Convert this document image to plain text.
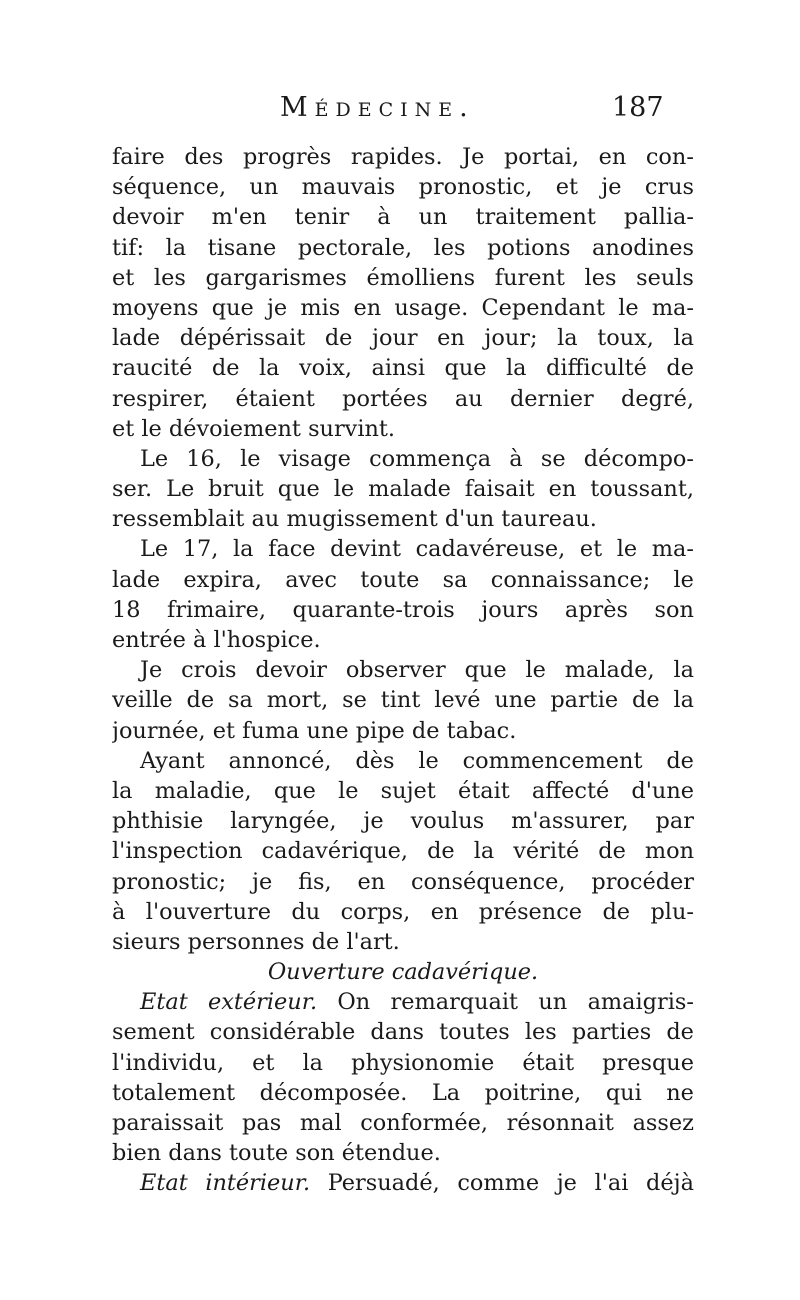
Médecine.	187
faire des progrès rapides. Je portai, en con-
séquence, un mauvais pronostic, et je crus
devoir m'en tenir à un traitement pallia-
tif: la tisane pectorale, les potions anodines
et les gargarismes émolliens furent les seuls
moyens que je mis en usage. Cependant le ma-
lade dépérissait de jour en jour; la toux, la
raucité de la voix, ainsi que la difficulté de
respirer, étaient portées au dernier degré,
et le dévoiement survint.
Le 16, le visage commença à se décompo-
ser. Le bruit que le malade faisait en toussant,
ressemblait au mugissement d'un taureau.
Le 17, la face devint cadavéreuse, et le ma-
lade expira, avec toute sa connaissance; le
18 frimaire, quarante-trois jours après son
entrée à l'hospice.
Je crois devoir observer que le malade, la
veille de sa mort, se tint levé une partie de la
journée, et fuma une pipe de tabac.
Ayant annoncé, dès le commencement de
la maladie, que le sujet était affecté d'une
phthisie laryngée, je voulus m'assurer, par
l'inspection cadavérique, de la vérité de mon
pronostic; je fis, en conséquence, procéder
à l'ouverture du corps, en présence de plu-
sieurs personnes de l'art.
Ouverture cadavérique.
Etat extérieur. On remarquait un amaigris-
sement considérable dans toutes les parties de
l'individu, et la physionomie était presque
totalement décomposée. La poitrine, qui ne
paraissait pas mal conformée, résonnait assez
bien dans toute son étendue.
Etat intérieur. Persuadé, comme je l'ai déjà
